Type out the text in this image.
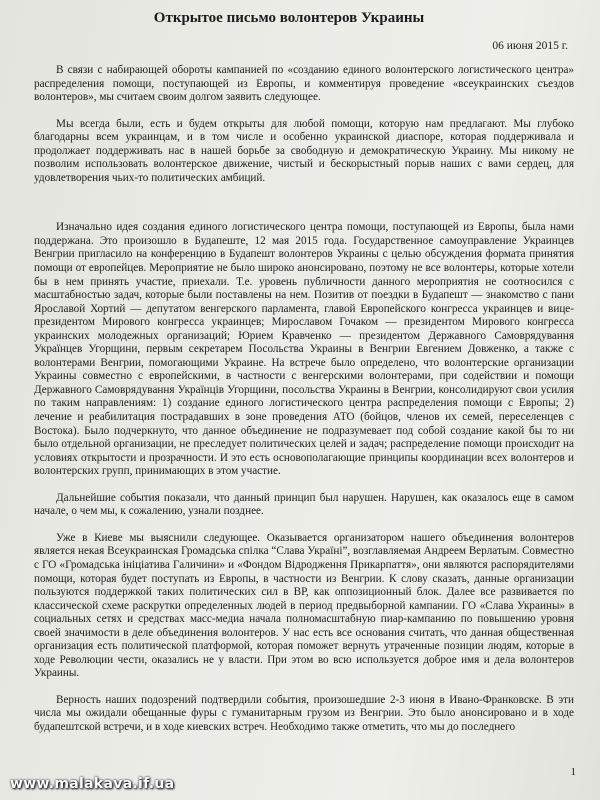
Открытое письмо волонтеров Украины
06 июня 2015 г.

В связи с набирающей обороты кампанией по «созданию единого волонтерского логистического центра» распределения помощи, поступающей из Европы, и комментируя проведение «всеукраинских съездов волонтеров», мы считаем своим долгом заявить следующее.

Мы всегда были, есть и будем открыты для любой помощи, которую нам предлагают. Мы глубоко благодарны всем украинцам, и в том числе и особенно украинской диаспоре, которая поддерживала и продолжает поддерживать нас в нашей борьбе за свободную и демократическую Украину. Мы никому не позволим использовать волонтерское движение, чистый и бескорыстный порыв наших с вами сердец, для удовлетворения чьих-то политических амбиций.

Изначально идея создания единого логистического центра помощи, поступающей из Европы, была нами поддержана. Это произошло в Будапеште, 12 мая 2015 года. Государственное самоуправление Украинцев Венгрии пригласило на конференцию в Будапешт волонтеров Украины с целью обсуждения формата принятия помощи от европейцев. Мероприятие не было широко анонсировано, поэтому не все волонтеры, которые хотели бы в нем принять участие, приехали. Т.е. уровень публичности данного мероприятия не соотносился с масштабностью задач, которые были поставлены на нем. Позитив от поездки в Будапешт — знакомство с пани Ярославой Хортий — депутатом венгерского парламента, главой Европейского конгресса украинцев и вице-президентом Мирового конгресса украинцев; Мирославом Гочаком — президентом Мирового конгресса украинских молодежных организаций; Юрием Кравченко — президентом Державного Самоврядування Украïнцев Угорщини, первым секретарем Посольства Украины в Венгрии Евгением Довженко, а также с волонтерами Венгрии, помогающими Украине. На встрече было определено, что волонтерские организации Украины совместно с европейскими, в частности с венгерскими волонтерами, при содействии и помощи Державного Самоврядування Украïнців Угорщини, посольства Украины в Венгрии, консолидируют свои усилия по таким направлениям: 1) создание единого логистического центра распределения помощи с Европы; 2) лечение и реабилитация пострадавших в зоне проведения АТО (бойцов, членов их семей, переселенцев с Востока). Было подчеркнуто, что данное объединение не подразумевает под собой создание какой бы то ни было отдельной организации, не преследует политических целей и задач; распределение помощи происходит на условиях открытости и прозрачности. И это есть основополагающие принципы координации всех волонтеров и волонтерских групп, принимающих в этом участие.

Дальнейшие события показали, что данный принцип был нарушен. Нарушен, как оказалось еще в самом начале, о чем мы, к сожалению, узнали позднее.

Уже в Киеве мы выяснили следующее. Оказывается организатором нашего объединения волонтеров является некая Всеукраинская Громадська спілка “Слава Україні”, возглавляемая Андреем Верлатым. Совместно с ГО «Громадська ініціатива Галичини» и «Фондом Відродження Прикарпаття», они являются распорядителями помощи, которая будет поступать из Европы, в частности из Венгрии. К слову сказать, данные организации пользуются поддержкой таких политических сил в ВР, как оппозиционный блок. Далее все развивается по классической схеме раскрутки определенных людей в период предвыборной кампании. ГО «Слава Украины» в социальных сетях и средствах масс-медиа начала полномасштабную пиар-кампанию по повышению уровня своей значимости в деле объединения волонтеров. У нас есть все основания считать, что данная общественная организация есть политической платформой, которая поможет вернуть утраченные позиции людям, которые в ходе Революции чести, оказались не у власти. При этом во всю используется доброе имя и дела волонтеров Украины.

Верность наших подозрений подтвердили события, произошедшие 2-3 июня в Ивано-Франковске. В эти числа мы ожидали обещанные фуры с гуманитарным грузом из Венгрии. Это было анонсировано и в ходе будапештской встречи, и в ходе киевских встреч. Необходимо также отметить, что мы до последнего

1
www.malakava.if.ua
